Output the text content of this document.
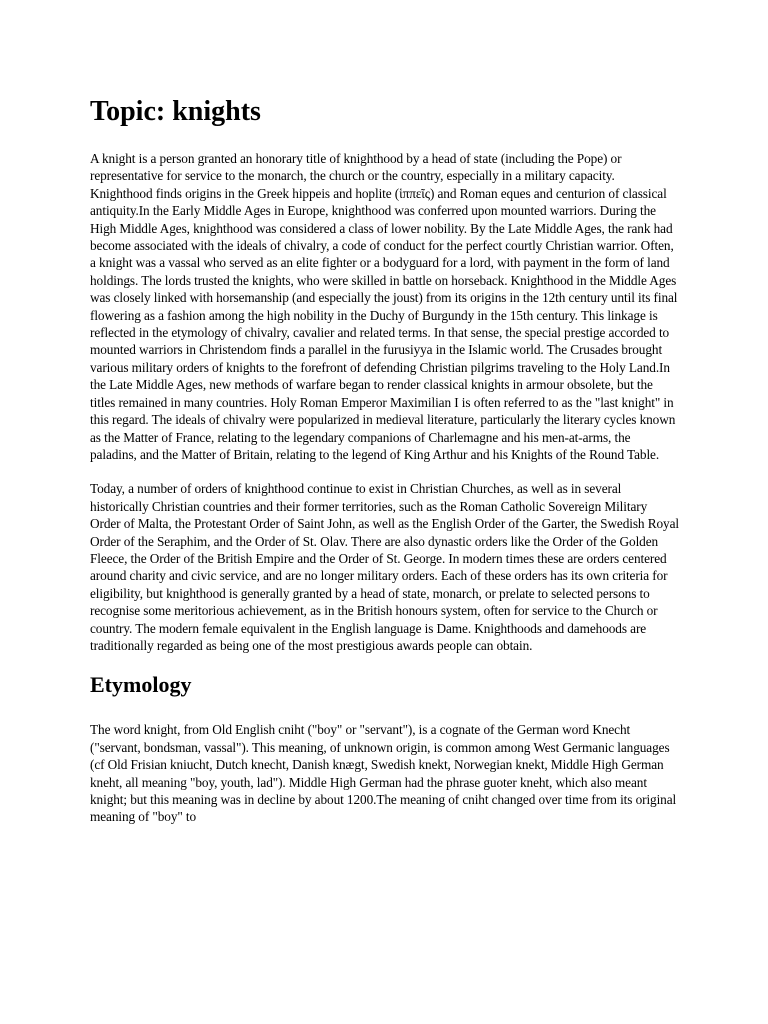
Topic: knights

A knight is a person granted an honorary title of knighthood by a head of state (including the Pope) or representative for service to the monarch, the church or the country, especially in a military capacity. Knighthood finds origins in the Greek hippeis and hoplite (ἱππεῖς) and Roman eques and centurion of classical antiquity.In the Early Middle Ages in Europe, knighthood was conferred upon mounted warriors. During the High Middle Ages, knighthood was considered a class of lower nobility. By the Late Middle Ages, the rank had become associated with the ideals of chivalry, a code of conduct for the perfect courtly Christian warrior. Often, a knight was a vassal who served as an elite fighter or a bodyguard for a lord, with payment in the form of land holdings. The lords trusted the knights, who were skilled in battle on horseback. Knighthood in the Middle Ages was closely linked with horsemanship (and especially the joust) from its origins in the 12th century until its final flowering as a fashion among the high nobility in the Duchy of Burgundy in the 15th century. This linkage is reflected in the etymology of chivalry, cavalier and related terms. In that sense, the special prestige accorded to mounted warriors in Christendom finds a parallel in the furusiyya in the Islamic world. The Crusades brought various military orders of knights to the forefront of defending Christian pilgrims traveling to the Holy Land.In the Late Middle Ages, new methods of warfare began to render classical knights in armour obsolete, but the titles remained in many countries. Holy Roman Emperor Maximilian I is often referred to as the "last knight" in this regard. The ideals of chivalry were popularized in medieval literature, particularly the literary cycles known as the Matter of France, relating to the legendary companions of Charlemagne and his men-at-arms, the paladins, and the Matter of Britain, relating to the legend of King Arthur and his Knights of the Round Table.

Today, a number of orders of knighthood continue to exist in Christian Churches, as well as in several historically Christian countries and their former territories, such as the Roman Catholic Sovereign Military Order of Malta, the Protestant Order of Saint John, as well as the English Order of the Garter, the Swedish Royal Order of the Seraphim, and the Order of St. Olav. There are also dynastic orders like the Order of the Golden Fleece, the Order of the British Empire and the Order of St. George. In modern times these are orders centered around charity and civic service, and are no longer military orders. Each of these orders has its own criteria for eligibility, but knighthood is generally granted by a head of state, monarch, or prelate to selected persons to recognise some meritorious achievement, as in the British honours system, often for service to the Church or country. The modern female equivalent in the English language is Dame. Knighthoods and damehoods are traditionally regarded as being one of the most prestigious awards people can obtain.

Etymology

The word knight, from Old English cniht ("boy" or "servant"), is a cognate of the German word Knecht ("servant, bondsman, vassal"). This meaning, of unknown origin, is common among West Germanic languages (cf Old Frisian kniucht, Dutch knecht, Danish knægt, Swedish knekt, Norwegian knekt, Middle High German kneht, all meaning "boy, youth, lad"). Middle High German had the phrase guoter kneht, which also meant knight; but this meaning was in decline by about 1200.The meaning of cniht changed over time from its original meaning of "boy" to
